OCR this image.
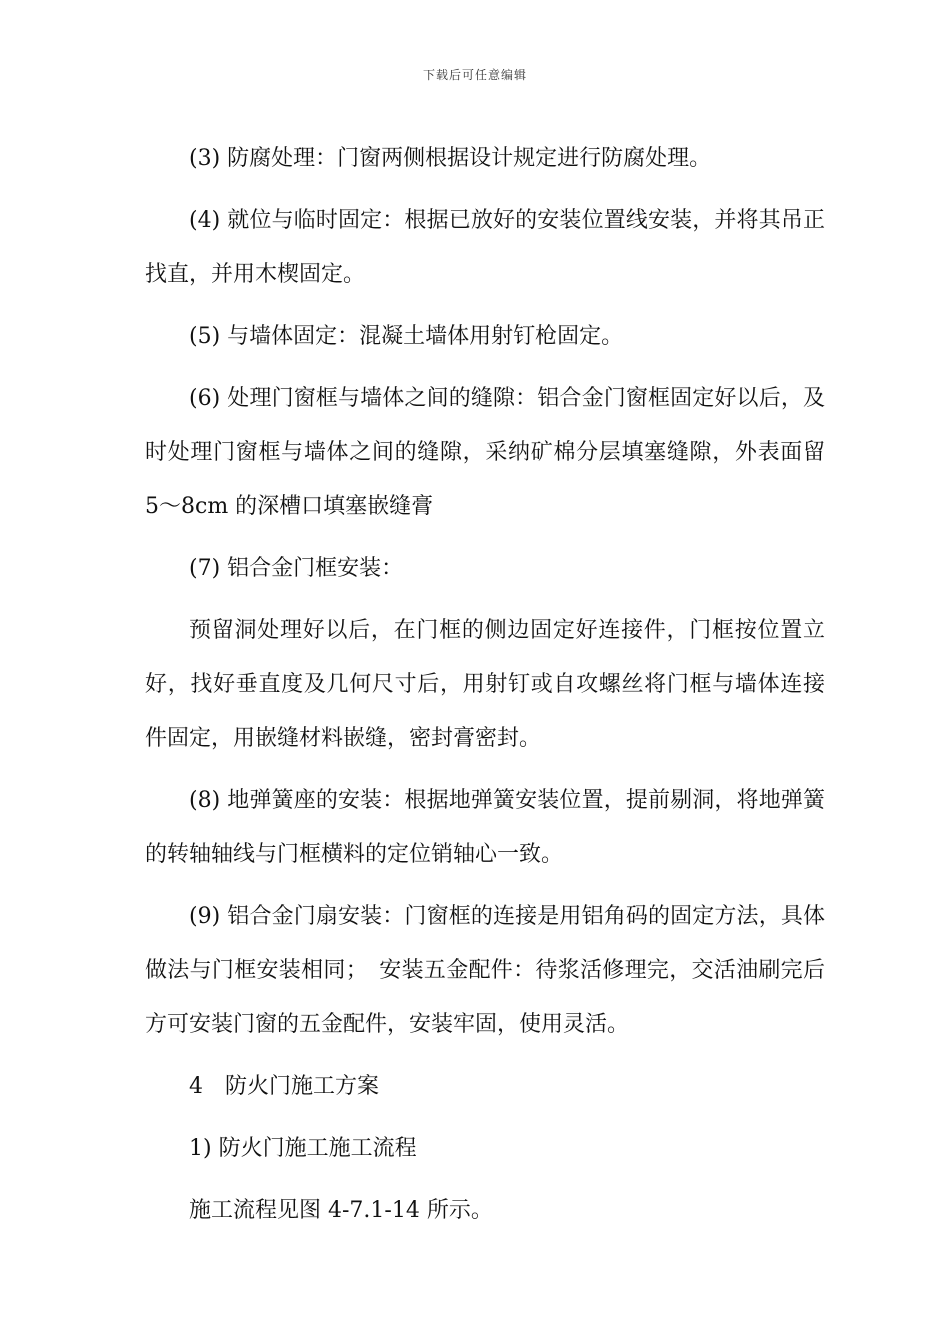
下载后可任意编辑

(3) 防腐处理：门窗两侧根据设计规定进行防腐处理。

(4) 就位与临时固定：根据已放好的安装位置线安装，并将其吊正找直，并用木楔固定。

(5) 与墙体固定：混凝土墙体用射钉枪固定。

(6) 处理门窗框与墙体之间的缝隙：铝合金门窗框固定好以后，及时处理门窗框与墙体之间的缝隙，采纳矿棉分层填塞缝隙，外表面留 5～8cm 的深槽口填塞嵌缝膏

(7) 铝合金门框安装：

预留洞处理好以后，在门框的侧边固定好连接件，门框按位置立好，找好垂直度及几何尺寸后，用射钉或自攻螺丝将门框与墙体连接件固定，用嵌缝材料嵌缝，密封膏密封。

(8) 地弹簧座的安装：根据地弹簧安装位置，提前剔洞，将地弹簧的转轴轴线与门框横料的定位销轴心一致。

(9) 铝合金门扇安装：门窗框的连接是用铝角码的固定方法，具体做法与门框安装相同；　安装五金配件：待浆活修理完，交活油刷完后方可安装门窗的五金配件，安装牢固，使用灵活。

4　防火门施工方案

1) 防火门施工施工流程

施工流程见图 4-7.1-14 所示。
